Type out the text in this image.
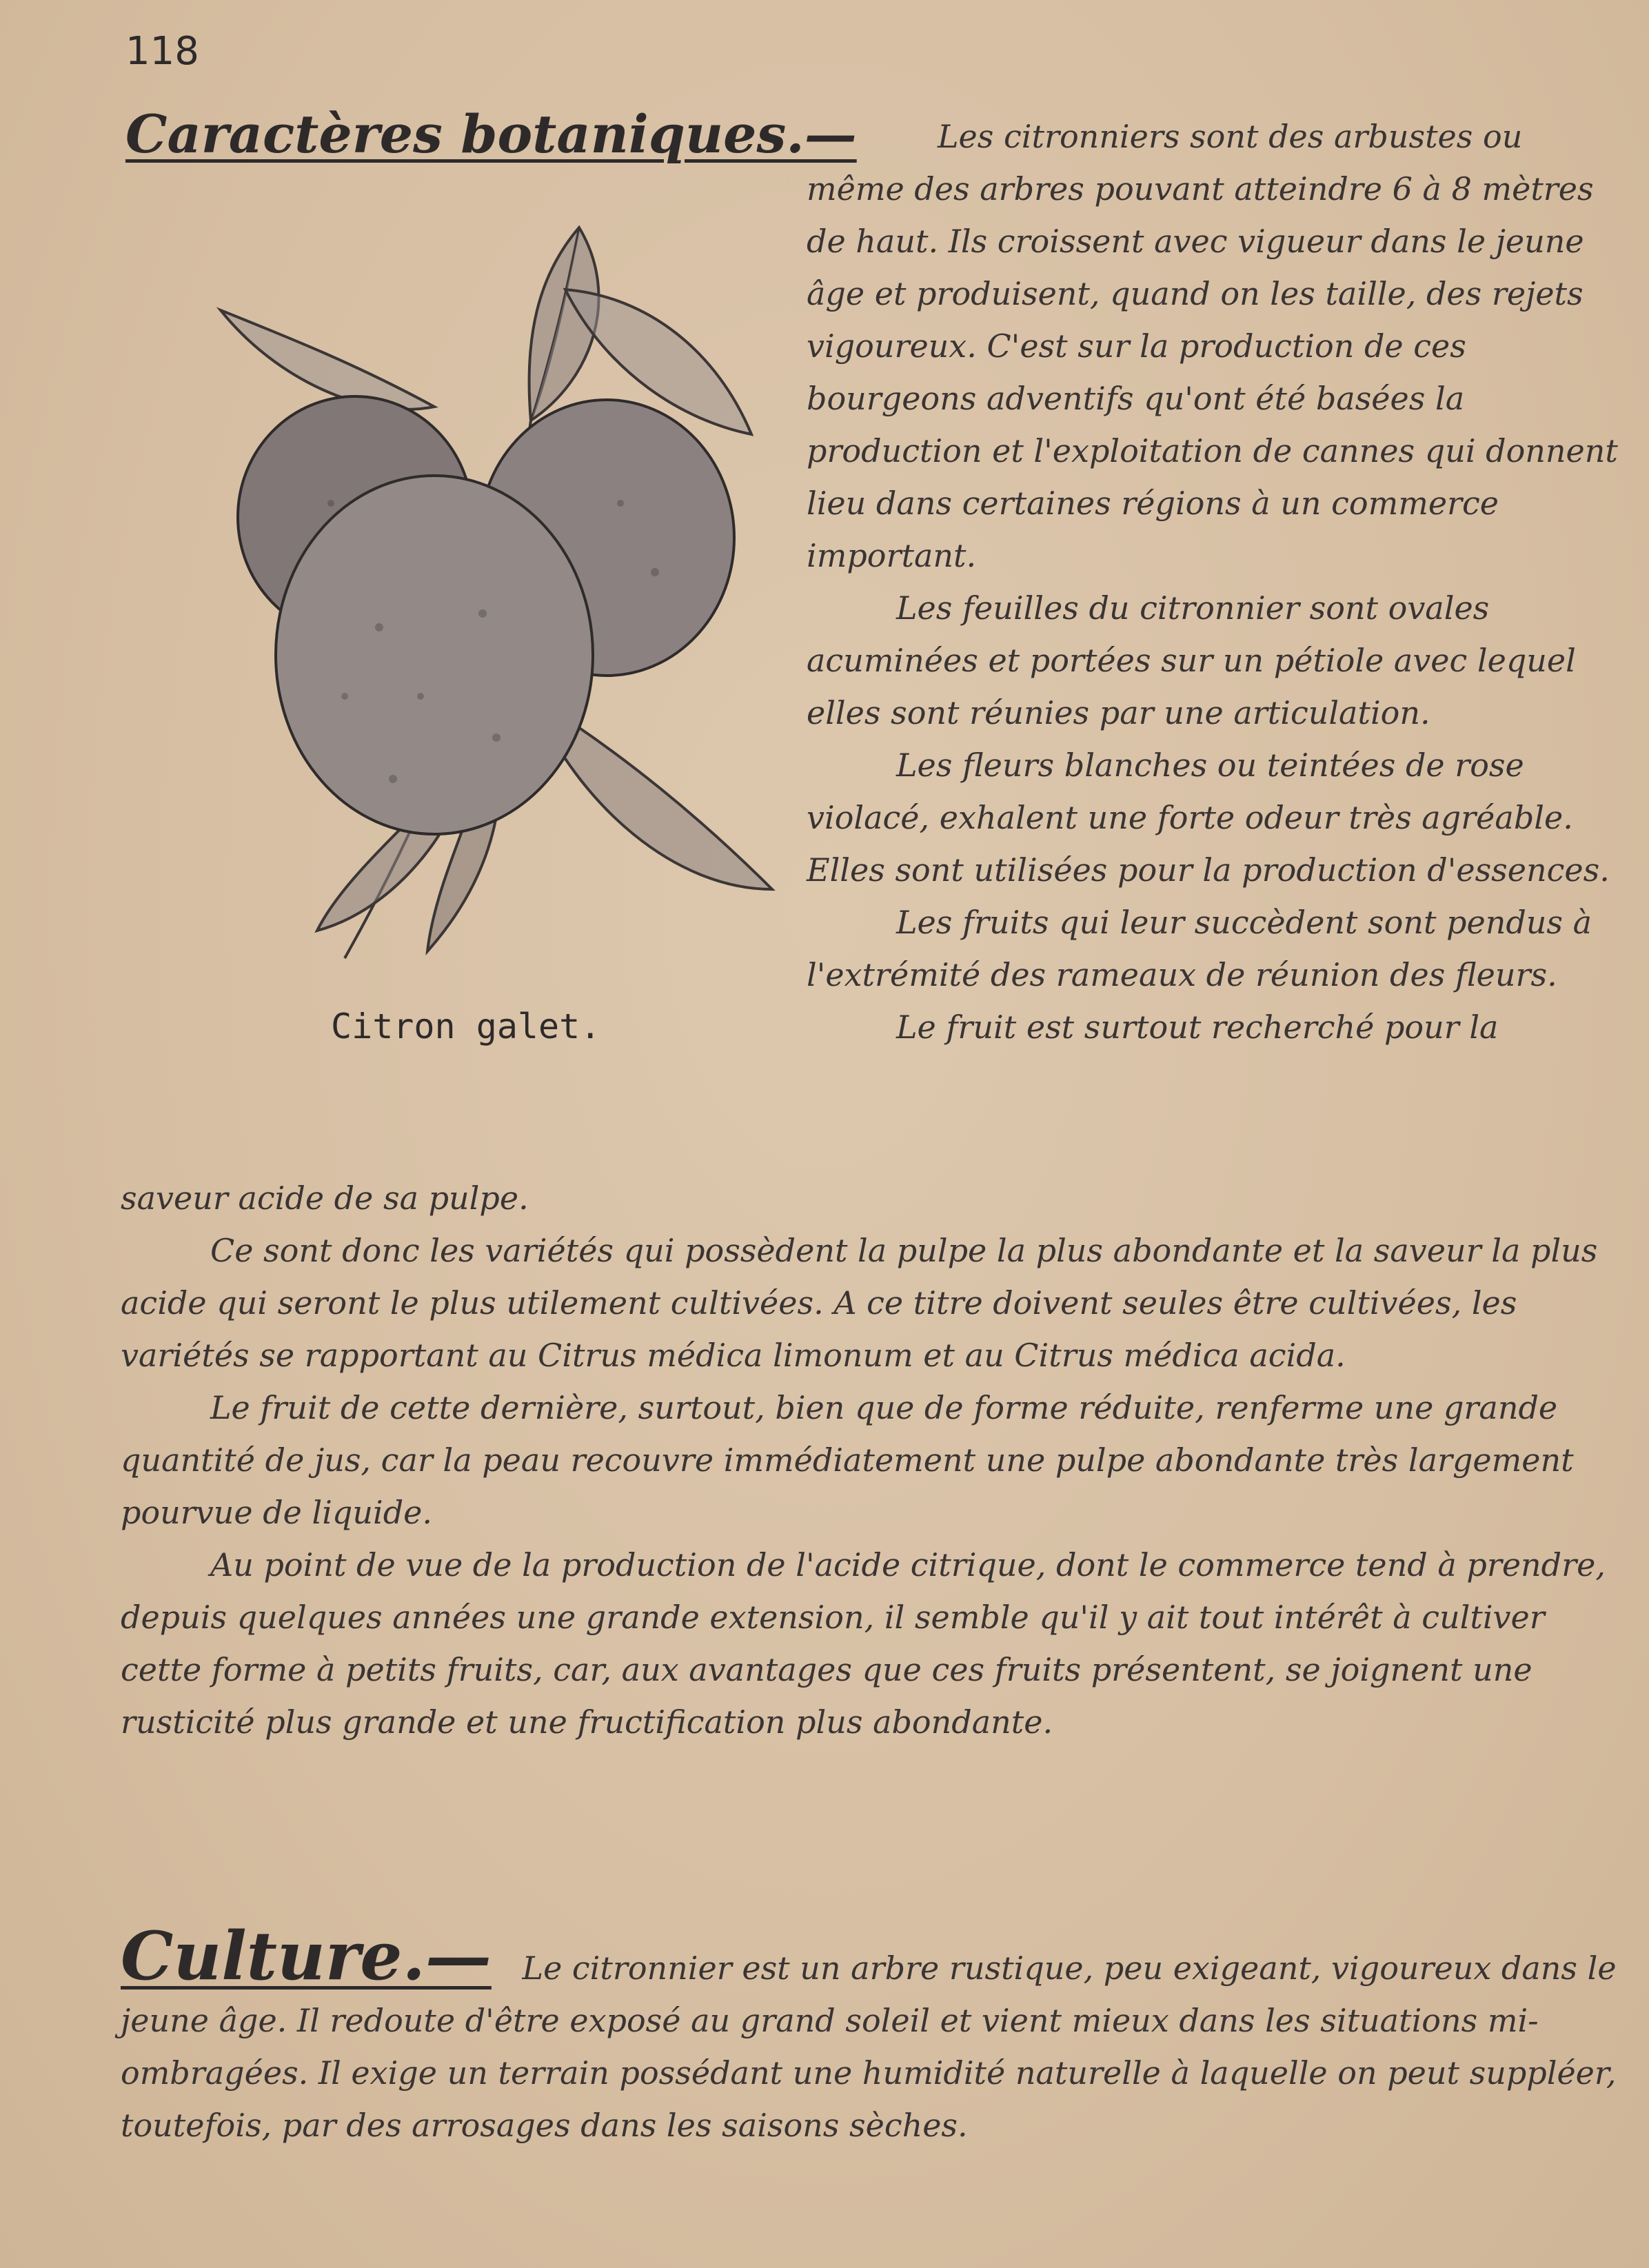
118
Caractères botaniques.—	Les citronniers sont des arbustes ou même des arbres pouvant atteindre 6 à 8 mètres de haut. Ils croissent avec vigueur dans le jeune âge et produisent, quand on les taille, des rejets vigoureux. C'est sur la production de ces bourgeons adventifs qu'ont été basées la production et l'exploitation de cannes qui donnent lieu dans certaines régions à un commerce important.

Les feuilles du citronnier sont ovales acuminées et portées sur un pétiole avec lequel elles sont réunies par une articulation.

Les fleurs blanches ou teintées de rose violacé, exhalent une forte odeur très agréable. Elles sont utilisées pour la production d'essences.

Les fruits qui leur succèdent sont pendus à l'extrémité des rameaux de réunion des fleurs.

Le fruit est surtout recherché pour la

Citron galet.

saveur acide de sa pulpe.

Ce sont donc les variétés qui possèdent la pulpe la plus abondante et la saveur la plus acide qui seront le plus utilement cultivées. A ce titre doivent seules être cultivées, les variétés se rapportant au Citrus médica limonum et au Citrus médica acida.

Le fruit de cette dernière, surtout, bien que de forme réduite, renferme une grande quantité de jus, car la peau recouvre immédiatement une pulpe abondante très largement pourvue de liquide.

Au point de vue de la production de l'acide citrique, dont le commerce tend à prendre, depuis quelques années une grande extension, il semble qu'il y ait tout intérêt à cultiver cette forme à petits fruits, car, aux avantages que ces fruits présentent, se joignent une rusticité plus grande et une fructification plus abondante.

Culture.— Le citronnier est un arbre rustique, peu exigeant, vigoureux dans le jeune âge. Il redoute d'être exposé au grand soleil et vient mieux dans les situations mi-ombragées. Il exige un terrain possédant une humidité naturelle à laquelle on peut suppléer, toutefois, par des arrosages dans les saisons sèches.
